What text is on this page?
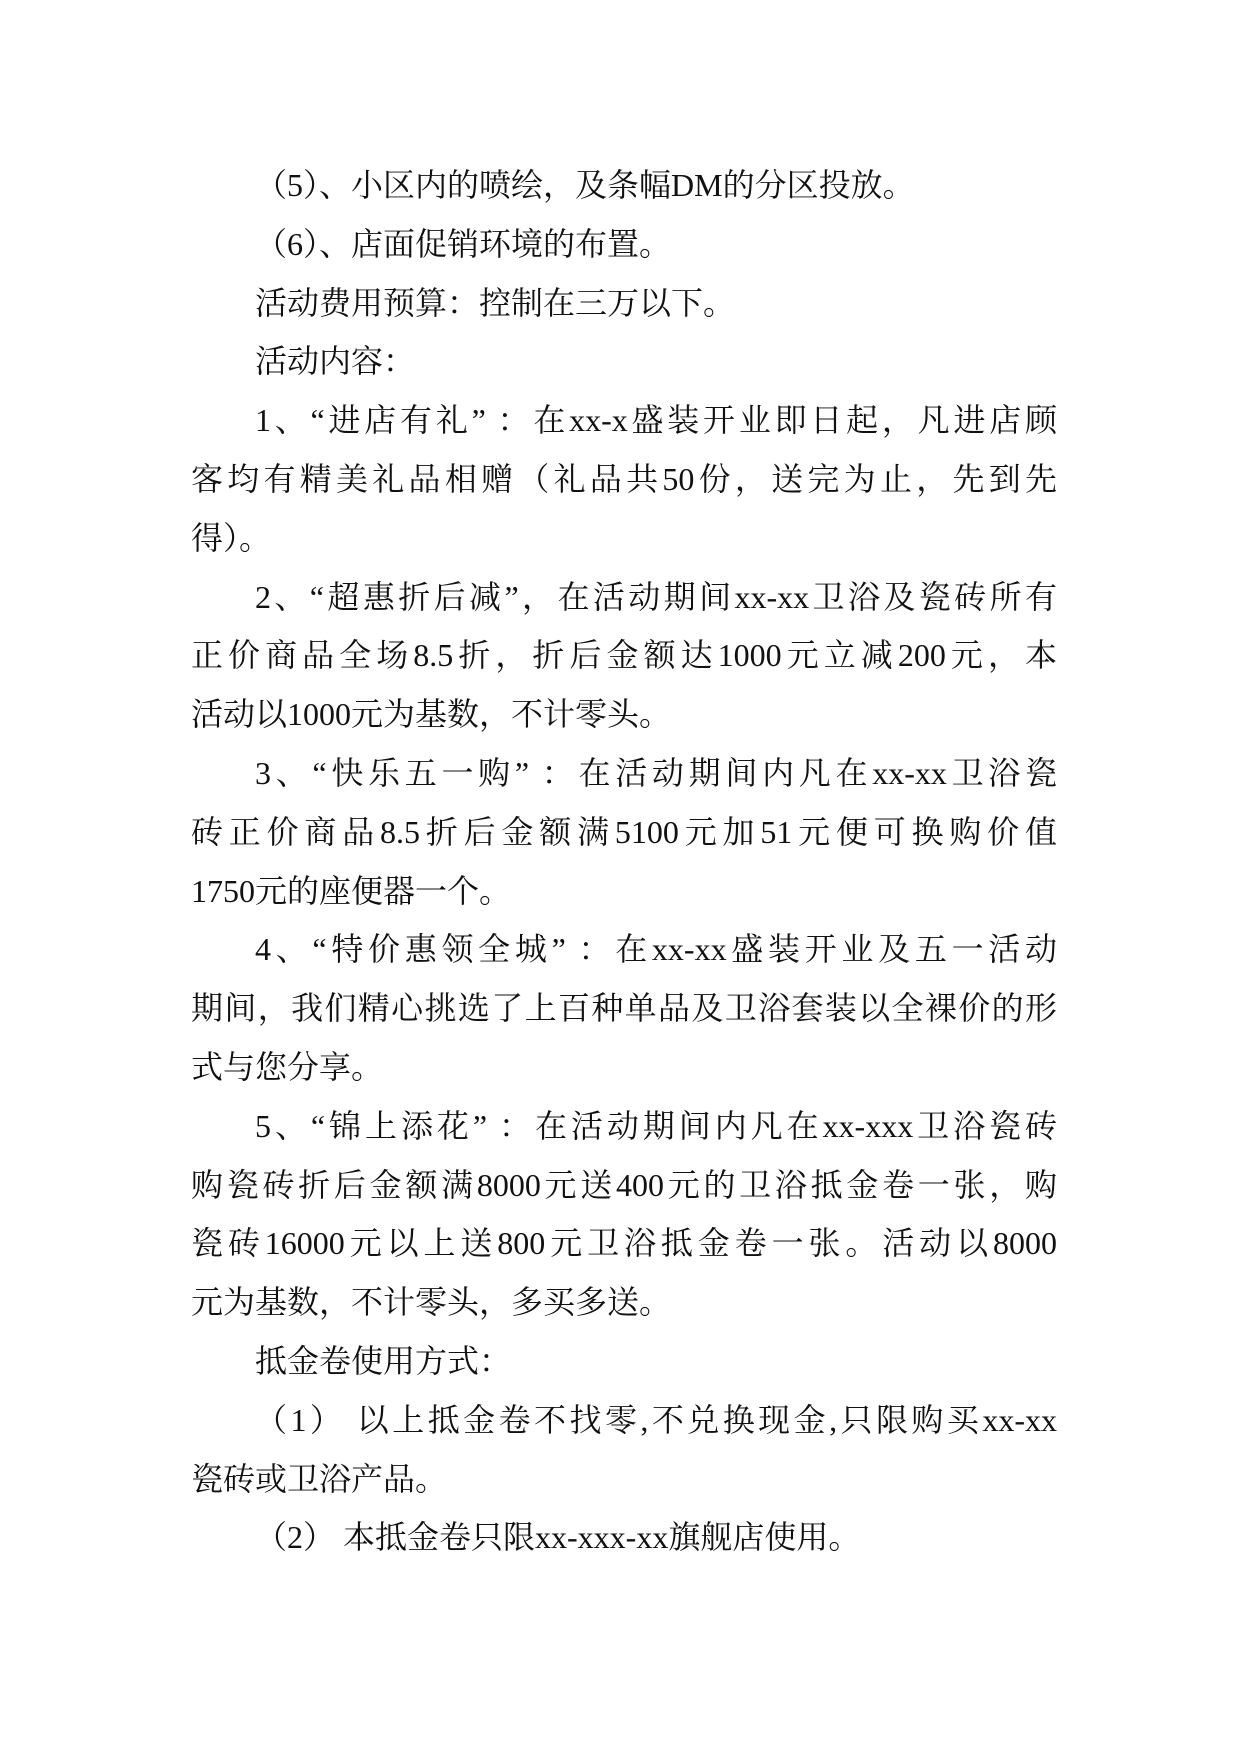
（5）、小区内的喷绘，及条幅DM的分区投放。
（6）、店面促销环境的布置。
活动费用预算：控制在三万以下。
活动内容：
1、“进店有礼” ：在xx-x盛装开业即日起，凡进店顾
客均有精美礼品相赠（礼品共50份，送完为止，先到先
得）。
2、“超惠折后减”，在活动期间xx-xx卫浴及瓷砖所有
正价商品全场8.5折，折后金额达1000元立减200元，本
活动以1000元为基数，不计零头。
3、“快乐五一购” ：在活动期间内凡在xx-xx卫浴瓷
砖正价商品8.5折后金额满5100元加51元便可换购价值
1750元的座便器一个。
4、“特价惠领全城” ：在xx-xx盛装开业及五一活动
期间，我们精心挑选了上百种单品及卫浴套装以全裸价的形
式与您分享。
5、“锦上添花” ：在活动期间内凡在xx-xxx卫浴瓷砖
购瓷砖折后金额满8000元送400元的卫浴抵金卷一张，购
瓷砖16000元以上送800元卫浴抵金卷一张。活动以8000
元为基数，不计零头，多买多送。
抵金卷使用方式：
（1） 以上抵金卷不找零,不兑换现金,只限购买xx-xx
瓷砖或卫浴产品。
（2） 本抵金卷只限xx-xxx-xx旗舰店使用。
